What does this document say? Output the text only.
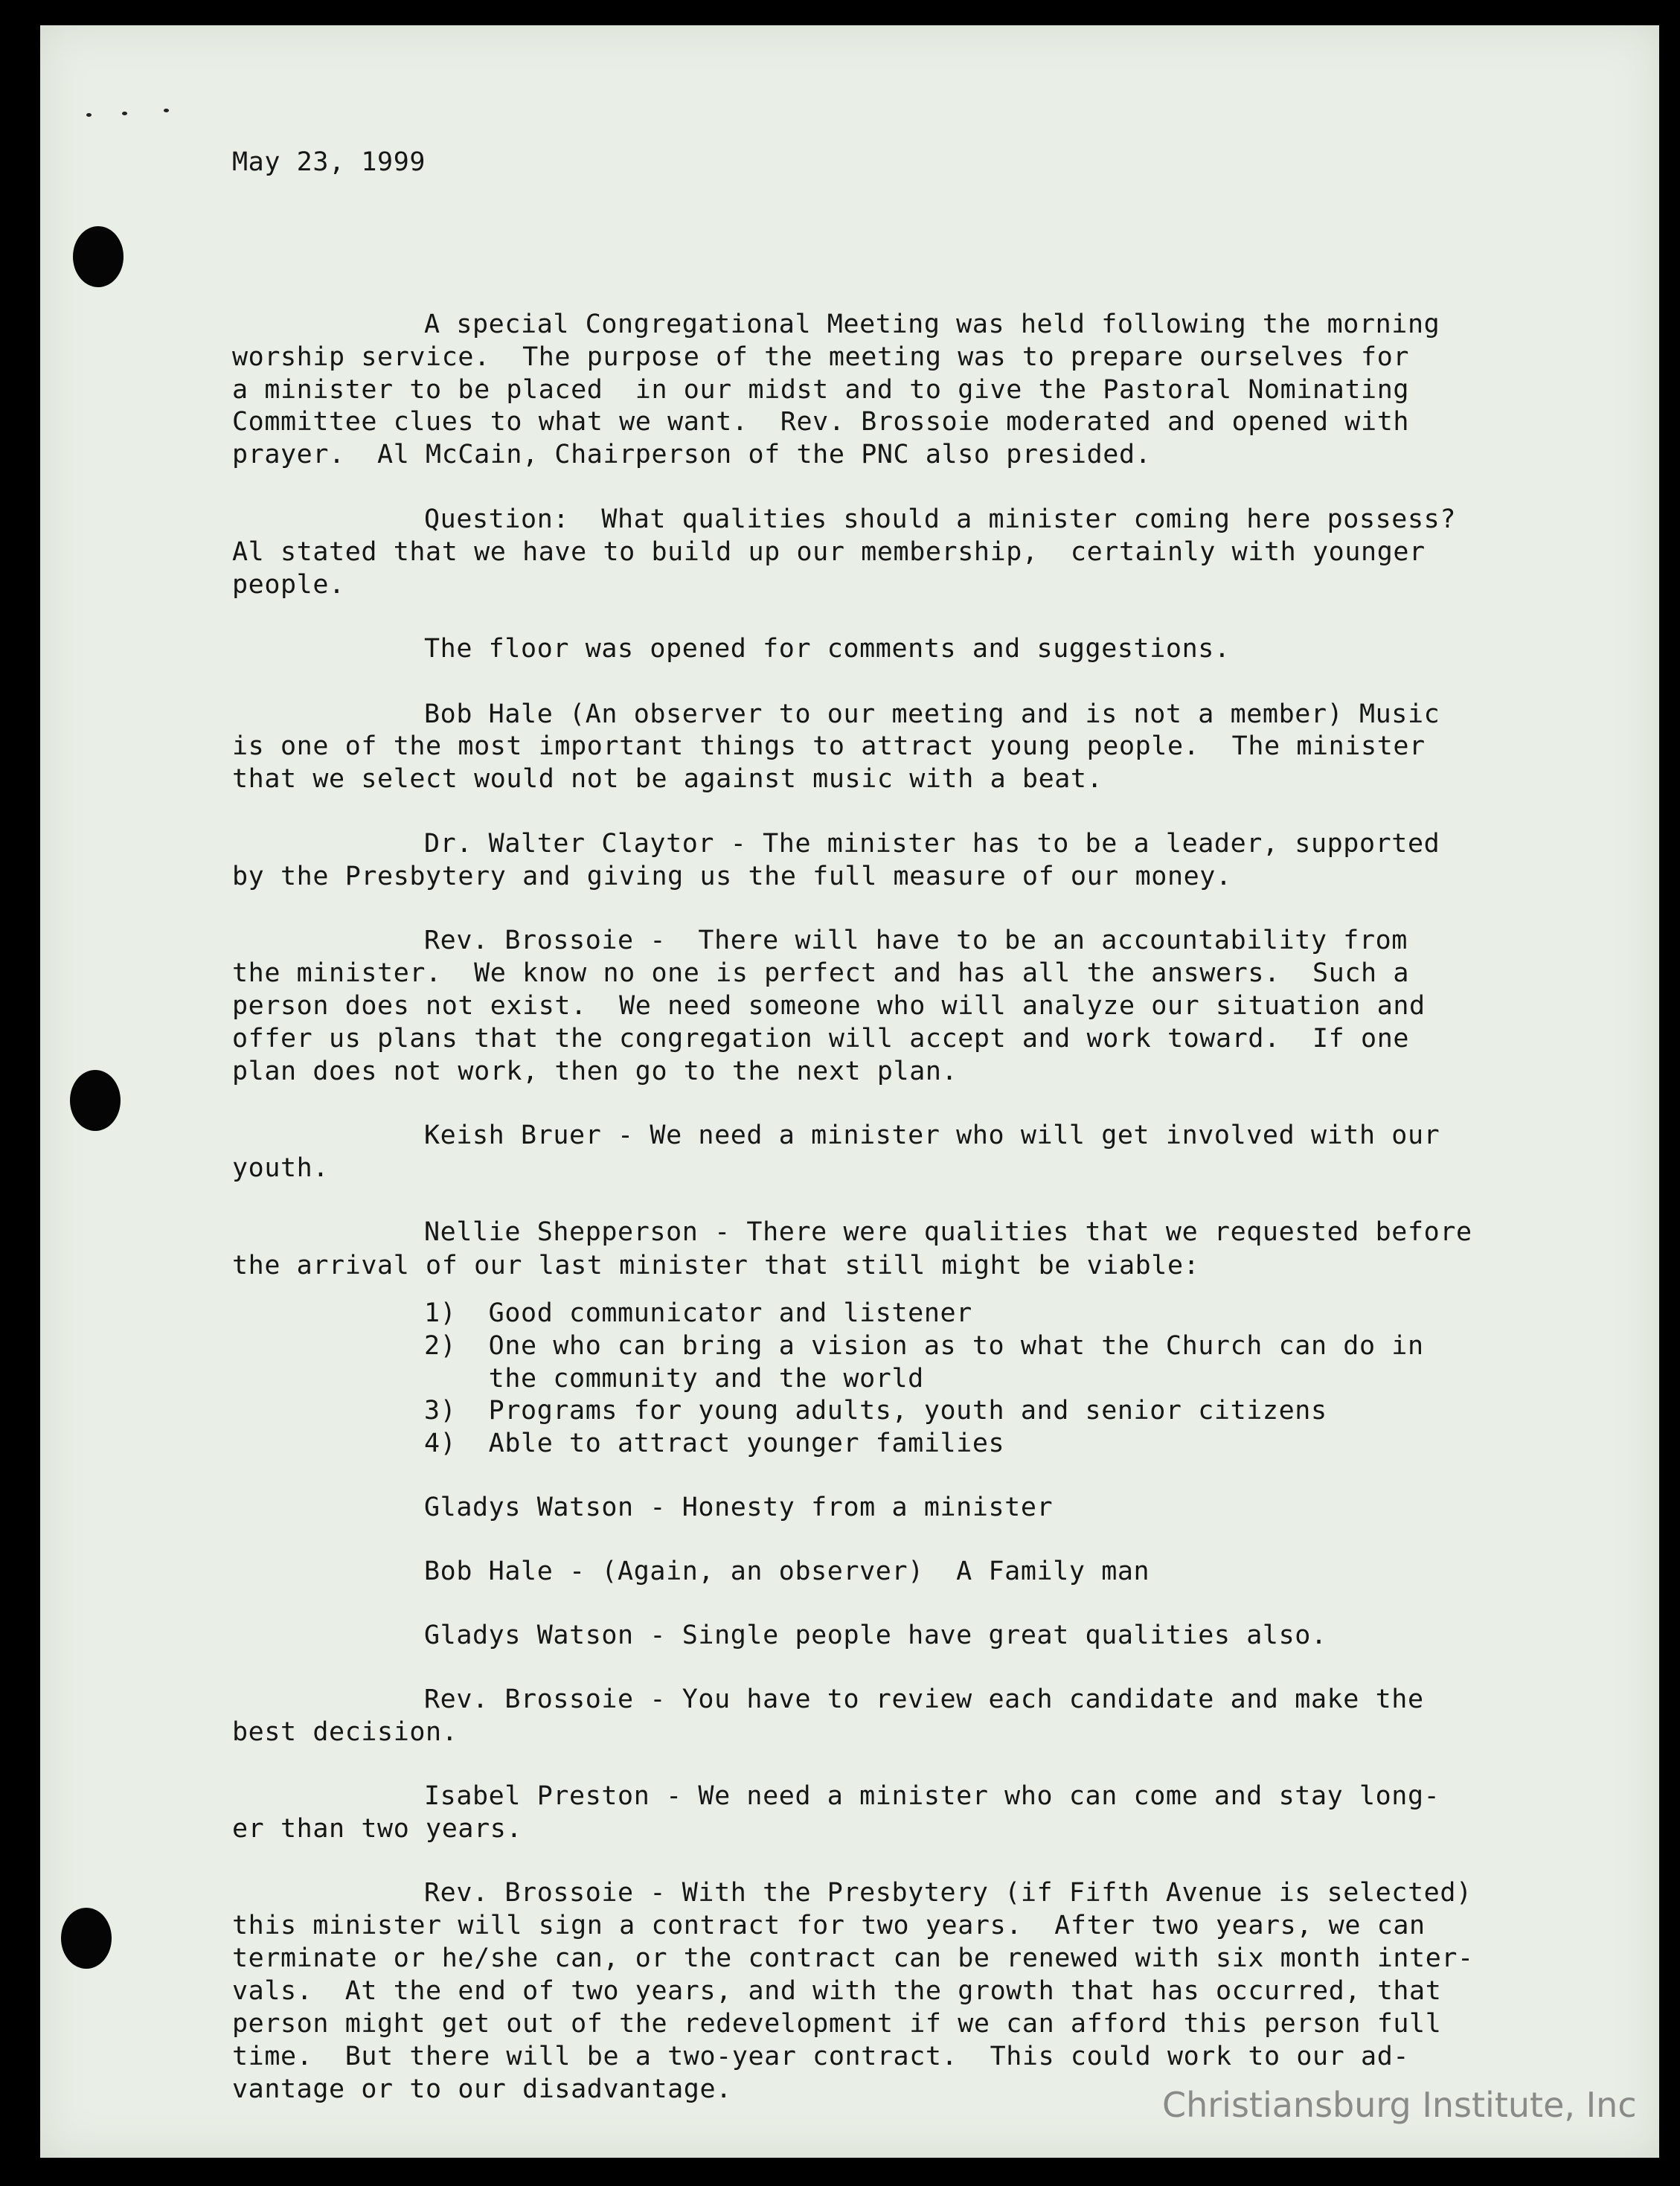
May 23, 1999

A special Congregational Meeting was held following the morning

worship service.  The purpose of the meeting was to prepare ourselves for

a minister to be placed  in our midst and to give the Pastoral Nominating

Committee clues to what we want.  Rev. Brossoie moderated and opened with

prayer.  Al McCain, Chairperson of the PNC also presided.

Question:  What qualities should a minister coming here possess?

Al stated that we have to build up our membership,  certainly with younger

people.

The floor was opened for comments and suggestions.

Bob Hale (An observer to our meeting and is not a member) Music

is one of the most important things to attract young people.  The minister

that we select would not be against music with a beat.

Dr. Walter Claytor - The minister has to be a leader, supported

by the Presbytery and giving us the full measure of our money.

Rev. Brossoie -  There will have to be an accountability from

the minister.  We know no one is perfect and has all the answers.  Such a

person does not exist.  We need someone who will analyze our situation and

offer us plans that the congregation will accept and work toward.  If one

plan does not work, then go to the next plan.

Keish Bruer - We need a minister who will get involved with our

youth.

Nellie Shepperson - There were qualities that we requested before

the arrival of our last minister that still might be viable:

1)  Good communicator and listener

2)  One who can bring a vision as to what the Church can do in

the community and the world

3)  Programs for young adults, youth and senior citizens

4)  Able to attract younger families

Gladys Watson - Honesty from a minister

Bob Hale - (Again, an observer)  A Family man

Gladys Watson - Single people have great qualities also.

Rev. Brossoie - You have to review each candidate and make the

best decision.

Isabel Preston - We need a minister who can come and stay long-

er than two years.

Rev. Brossoie - With the Presbytery (if Fifth Avenue is selected)

this minister will sign a contract for two years.  After two years, we can

terminate or he/she can, or the contract can be renewed with six month inter-

vals.  At the end of two years, and with the growth that has occurred, that

person might get out of the redevelopment if we can afford this person full

time.  But there will be a two-year contract.  This could work to our ad-

vantage or to our disadvantage.	Christiansburg Institute, Inc
